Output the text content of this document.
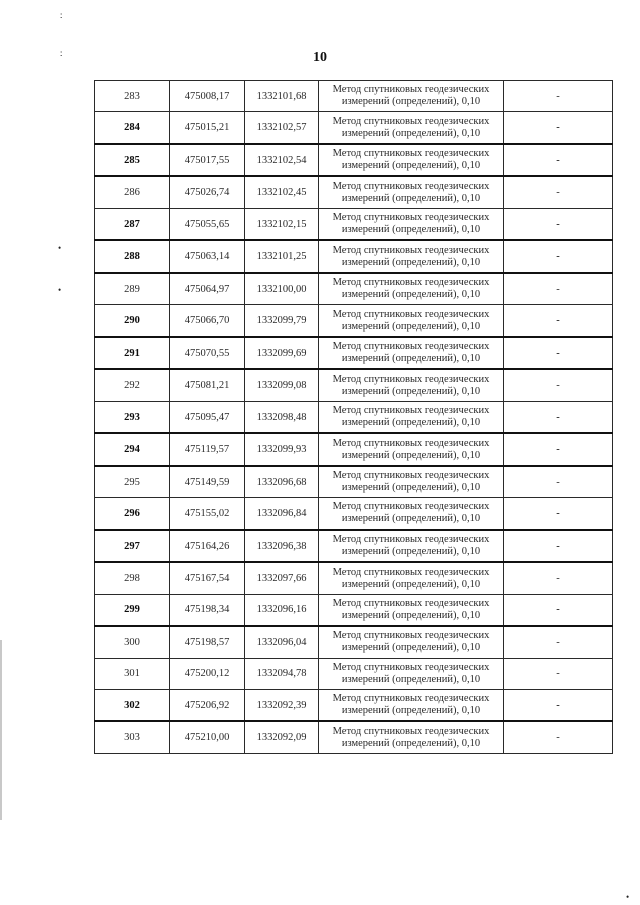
∶
∶
•
•
•
10
283	475008,17	1332101,68	Метод спутниковых геодезических измерений (определений), 0,10	-
284	475015,21	1332102,57	Метод спутниковых геодезических измерений (определений), 0,10	-
285	475017,55	1332102,54	Метод спутниковых геодезических измерений (определений), 0,10	-
286	475026,74	1332102,45	Метод спутниковых геодезических измерений (определений), 0,10	-
287	475055,65	1332102,15	Метод спутниковых геодезических измерений (определений), 0,10	-
288	475063,14	1332101,25	Метод спутниковых геодезических измерений (определений), 0,10	-
289	475064,97	1332100,00	Метод спутниковых геодезических измерений (определений), 0,10	-
290	475066,70	1332099,79	Метод спутниковых геодезических измерений (определений), 0,10	-
291	475070,55	1332099,69	Метод спутниковых геодезических измерений (определений), 0,10	-
292	475081,21	1332099,08	Метод спутниковых геодезических измерений (определений), 0,10	-
293	475095,47	1332098,48	Метод спутниковых геодезических измерений (определений), 0,10	-
294	475119,57	1332099,93	Метод спутниковых геодезических измерений (определений), 0,10	-
295	475149,59	1332096,68	Метод спутниковых геодезических измерений (определений), 0,10	-
296	475155,02	1332096,84	Метод спутниковых геодезических измерений (определений), 0,10	-
297	475164,26	1332096,38	Метод спутниковых геодезических измерений (определений), 0,10	-
298	475167,54	1332097,66	Метод спутниковых геодезических измерений (определений), 0,10	-
299	475198,34	1332096,16	Метод спутниковых геодезических измерений (определений), 0,10	-
300	475198,57	1332096,04	Метод спутниковых геодезических измерений (определений), 0,10	-
301	475200,12	1332094,78	Метод спутниковых геодезических измерений (определений), 0,10	-
302	475206,92	1332092,39	Метод спутниковых геодезических измерений (определений), 0,10	-
303	475210,00	1332092,09	Метод спутниковых геодезических измерений (определений), 0,10	-
